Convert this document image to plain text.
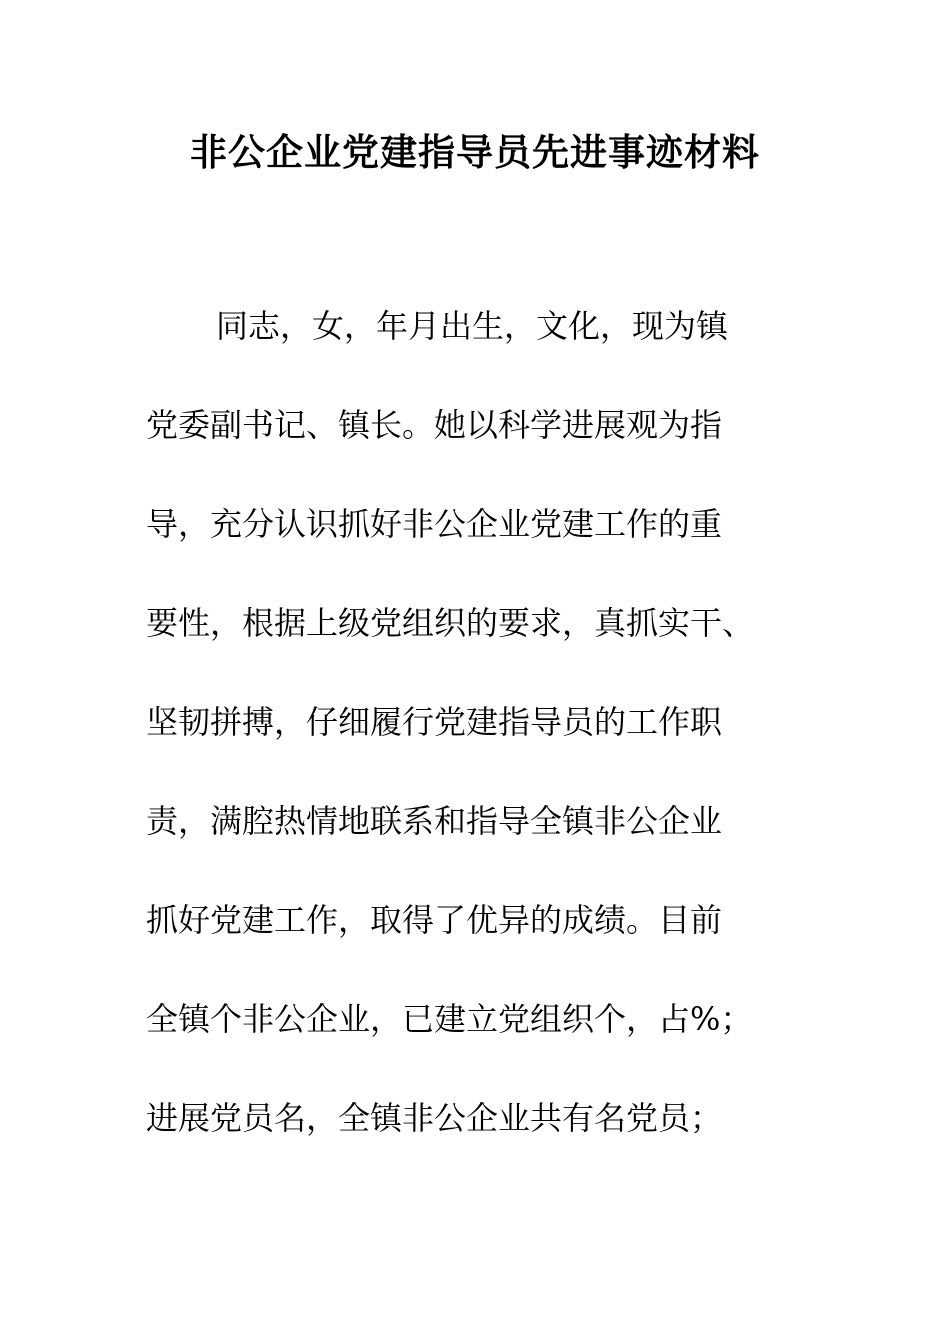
非公企业党建指导员先进事迹材料
同志，女，年月出生，文化，现为镇
党委副书记、镇长。她以科学进展观为指
导，充分认识抓好非公企业党建工作的重
要性，根据上级党组织的要求，真抓实干、
坚韧拼搏，仔细履行党建指导员的工作职
责，满腔热情地联系和指导全镇非公企业
抓好党建工作，取得了优异的成绩。目前
全镇个非公企业，已建立党组织个，占%；
进展党员名，全镇非公企业共有名党员；
